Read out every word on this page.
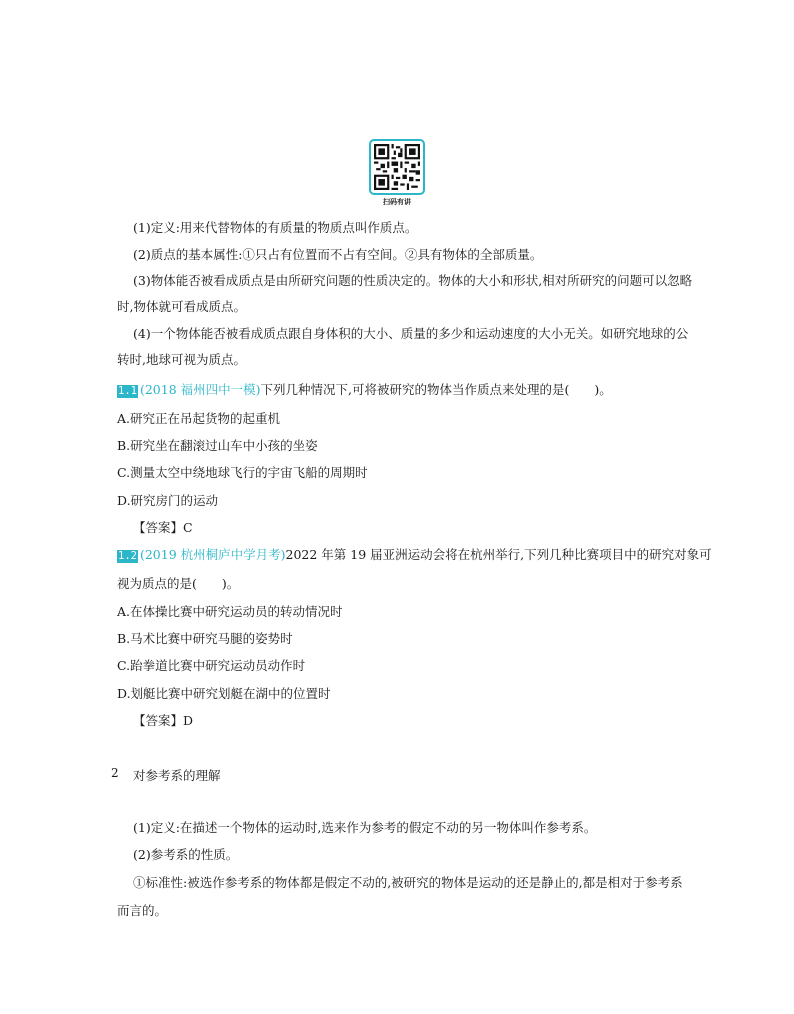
扫码有讲
(1)定义:用来代替物体的有质量的物质点叫作质点。
(2)质点的基本属性:①只占有位置而不占有空间。②具有物体的全部质量。
(3)物体能否被看成质点是由所研究问题的性质决定的。物体的大小和形状,相对所研究的问题可以忽略
时,物体就可看成质点。
(4)一个物体能否被看成质点跟自身体积的大小、质量的多少和运动速度的大小无关。如研究地球的公
转时,地球可视为质点。
1.1 (2018 福州四中一模)下列几种情况下,可将被研究的物体当作质点来处理的是(　　)。
A.研究正在吊起货物的起重机
B.研究坐在翻滚过山车中小孩的坐姿
C.测量太空中绕地球飞行的宇宙飞船的周期时
D.研究房门的运动
【答案】C
1.2 (2019 杭州桐庐中学月考)2022 年第 19 届亚洲运动会将在杭州举行,下列几种比赛项目中的研究对象可
视为质点的是(　　)。
A.在体操比赛中研究运动员的转动情况时
B.马术比赛中研究马腿的姿势时
C.跆拳道比赛中研究运动员动作时
D.划艇比赛中研究划艇在湖中的位置时
【答案】D
2 对参考系的理解
(1)定义:在描述一个物体的运动时,选来作为参考的假定不动的另一物体叫作参考系。
(2)参考系的性质。
①标准性:被选作参考系的物体都是假定不动的,被研究的物体是运动的还是静止的,都是相对于参考系
而言的。
